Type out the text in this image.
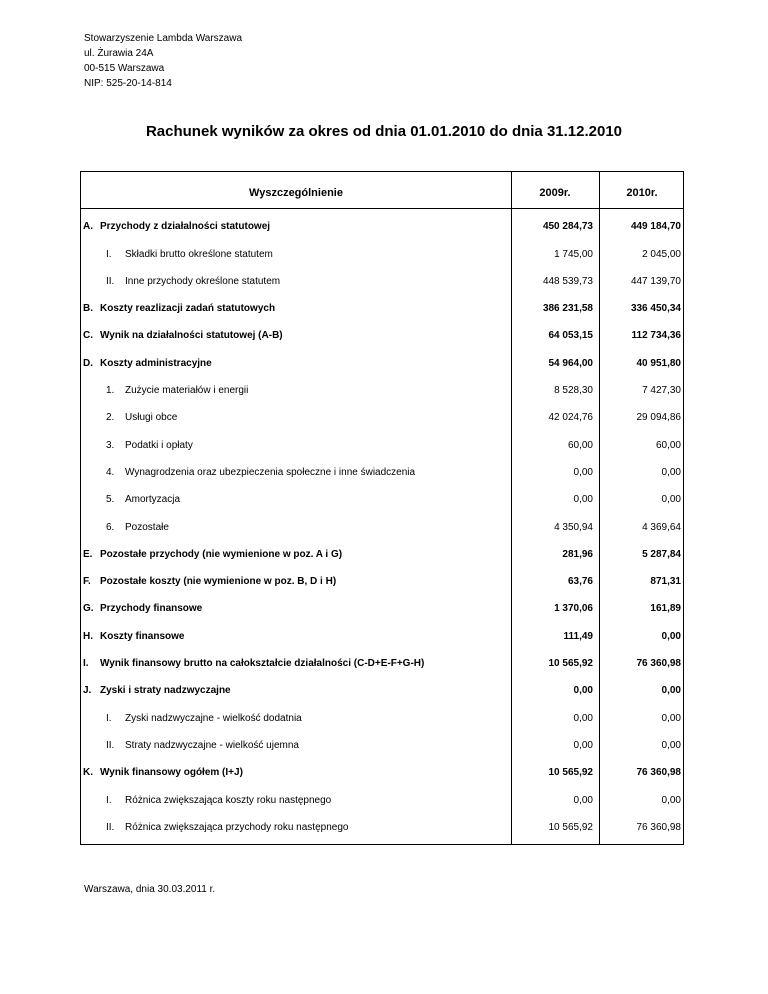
Stowarzyszenie Lambda Warszawa
ul. Żurawia 24A
00-515 Warszawa
NIP: 525-20-14-814
Rachunek wyników za okres od dnia 01.01.2010 do dnia 31.12.2010
Wyszczególnienie	2009r.	2010r.
A. Przychody z działalności statutowej	450 284,73	449 184,70
I. Składki brutto określone statutem	1 745,00	2 045,00
II. Inne przychody określone statutem	448 539,73	447 139,70
B. Koszty reazlizacji zadań statutowych	386 231,58	336 450,34
C. Wynik na działalności statutowej (A-B)	64 053,15	112 734,36
D. Koszty administracyjne	54 964,00	40 951,80
1. Zużycie materiałów i energii	8 528,30	7 427,30
2. Usługi obce	42 024,76	29 094,86
3. Podatki i opłaty	60,00	60,00
4. Wynagrodzenia oraz ubezpieczenia społeczne i inne świadczenia	0,00	0,00
5. Amortyzacja	0,00	0,00
6. Pozostałe	4 350,94	4 369,64
E. Pozostałe przychody (nie wymienione w poz. A i G)	281,96	5 287,84
F. Pozostałe koszty (nie wymienione w poz. B, D i H)	63,76	871,31
G. Przychody finansowe	1 370,06	161,89
H. Koszty finansowe	111,49	0,00
I. Wynik finansowy brutto na całokształcie działalności (C-D+E-F+G-H)	10 565,92	76 360,98
J. Zyski i straty nadzwyczajne	0,00	0,00
I. Zyski nadzwyczajne - wielkość dodatnia	0,00	0,00
II. Straty nadzwyczajne - wielkość ujemna	0,00	0,00
K. Wynik finansowy ogółem (I+J)	10 565,92	76 360,98
I. Różnica zwiększająca koszty roku następnego	0,00	0,00
II. Różnica zwiększająca przychody roku następnego	10 565,92	76 360,98
Warszawa, dnia 30.03.2011 r.
